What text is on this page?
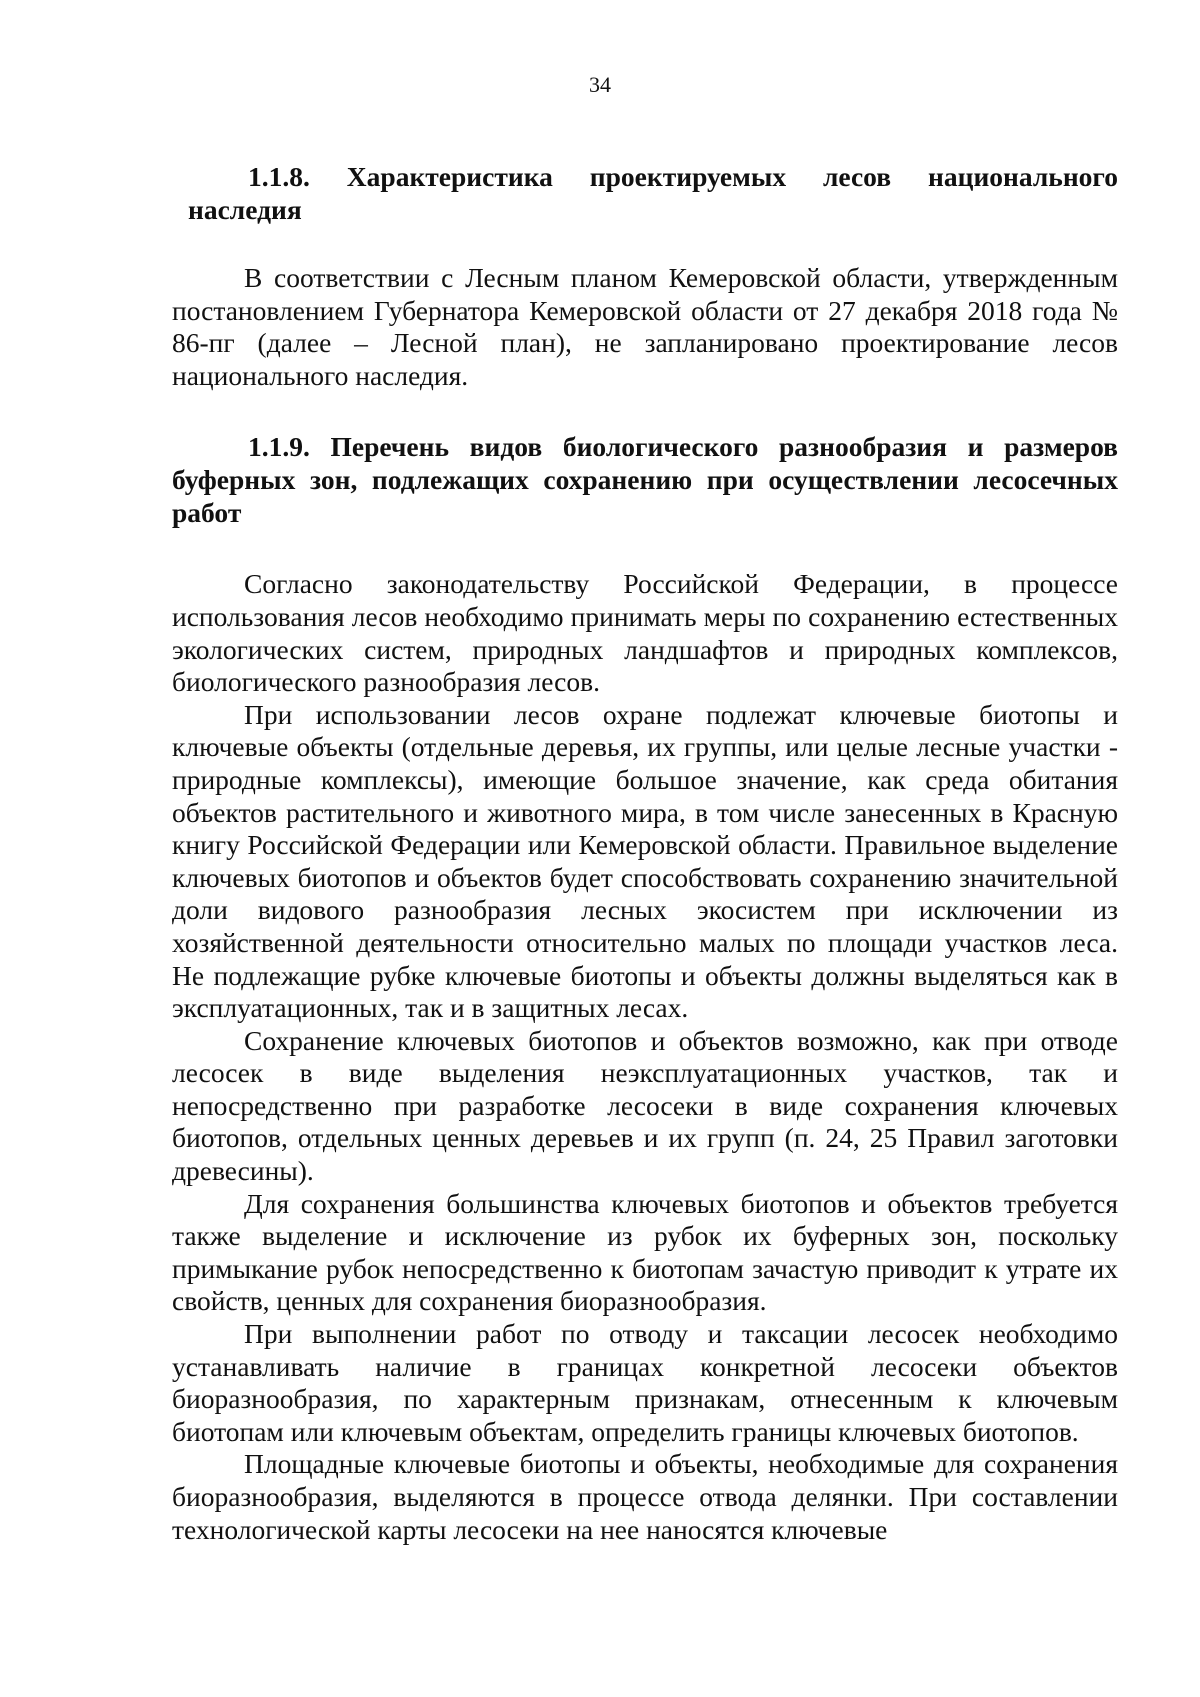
34

1.1.8. Характеристика проектируемых лесов национального наследия

В соответствии с Лесным планом Кемеровской области, утвержденным постановлением Губернатора Кемеровской области от 27 декабря 2018 года № 86-пг (далее – Лесной план), не запланировано проектирование лесов национального наследия.

1.1.9. Перечень видов биологического разнообразия и размеров буферных зон, подлежащих сохранению при осуществлении лесосечных работ

Согласно законодательству Российской Федерации, в процессе использования лесов необходимо принимать меры по сохранению естественных экологических систем, природных ландшафтов и природных комплексов, биологического разнообразия лесов.

При использовании лесов охране подлежат ключевые биотопы и ключевые объекты (отдельные деревья, их группы, или целые лесные участки - природные комплексы), имеющие большое значение, как среда обитания объектов растительного и животного мира, в том числе занесенных в Красную книгу Российской Федерации или Кемеровской области. Правильное выделение ключевых биотопов и объектов будет способствовать сохранению значительной доли видового разнообразия лесных экосистем при исключении из хозяйственной деятельности относительно малых по площади участков леса. Не подлежащие рубке ключевые биотопы и объекты должны выделяться как в эксплуатационных, так и в защитных лесах.

Сохранение ключевых биотопов и объектов возможно, как при отводе лесосек в виде выделения неэксплуатационных участков, так и непосредственно при разработке лесосеки в виде сохранения ключевых биотопов, отдельных ценных деревьев и их групп (п. 24, 25 Правил заготовки древесины).

Для сохранения большинства ключевых биотопов и объектов требуется также выделение и исключение из рубок их буферных зон, поскольку примыкание рубок непосредственно к биотопам зачастую приводит к утрате их свойств, ценных для сохранения биоразнообразия.

При выполнении работ по отводу и таксации лесосек необходимо устанавливать наличие в границах конкретной лесосеки объектов биоразнообразия, по характерным признакам, отнесенным к ключевым биотопам или ключевым объектам, определить границы ключевых биотопов.

Площадные ключевые биотопы и объекты, необходимые для сохранения биоразнообразия, выделяются в процессе отвода делянки. При составлении технологической карты лесосеки на нее наносятся ключевые
